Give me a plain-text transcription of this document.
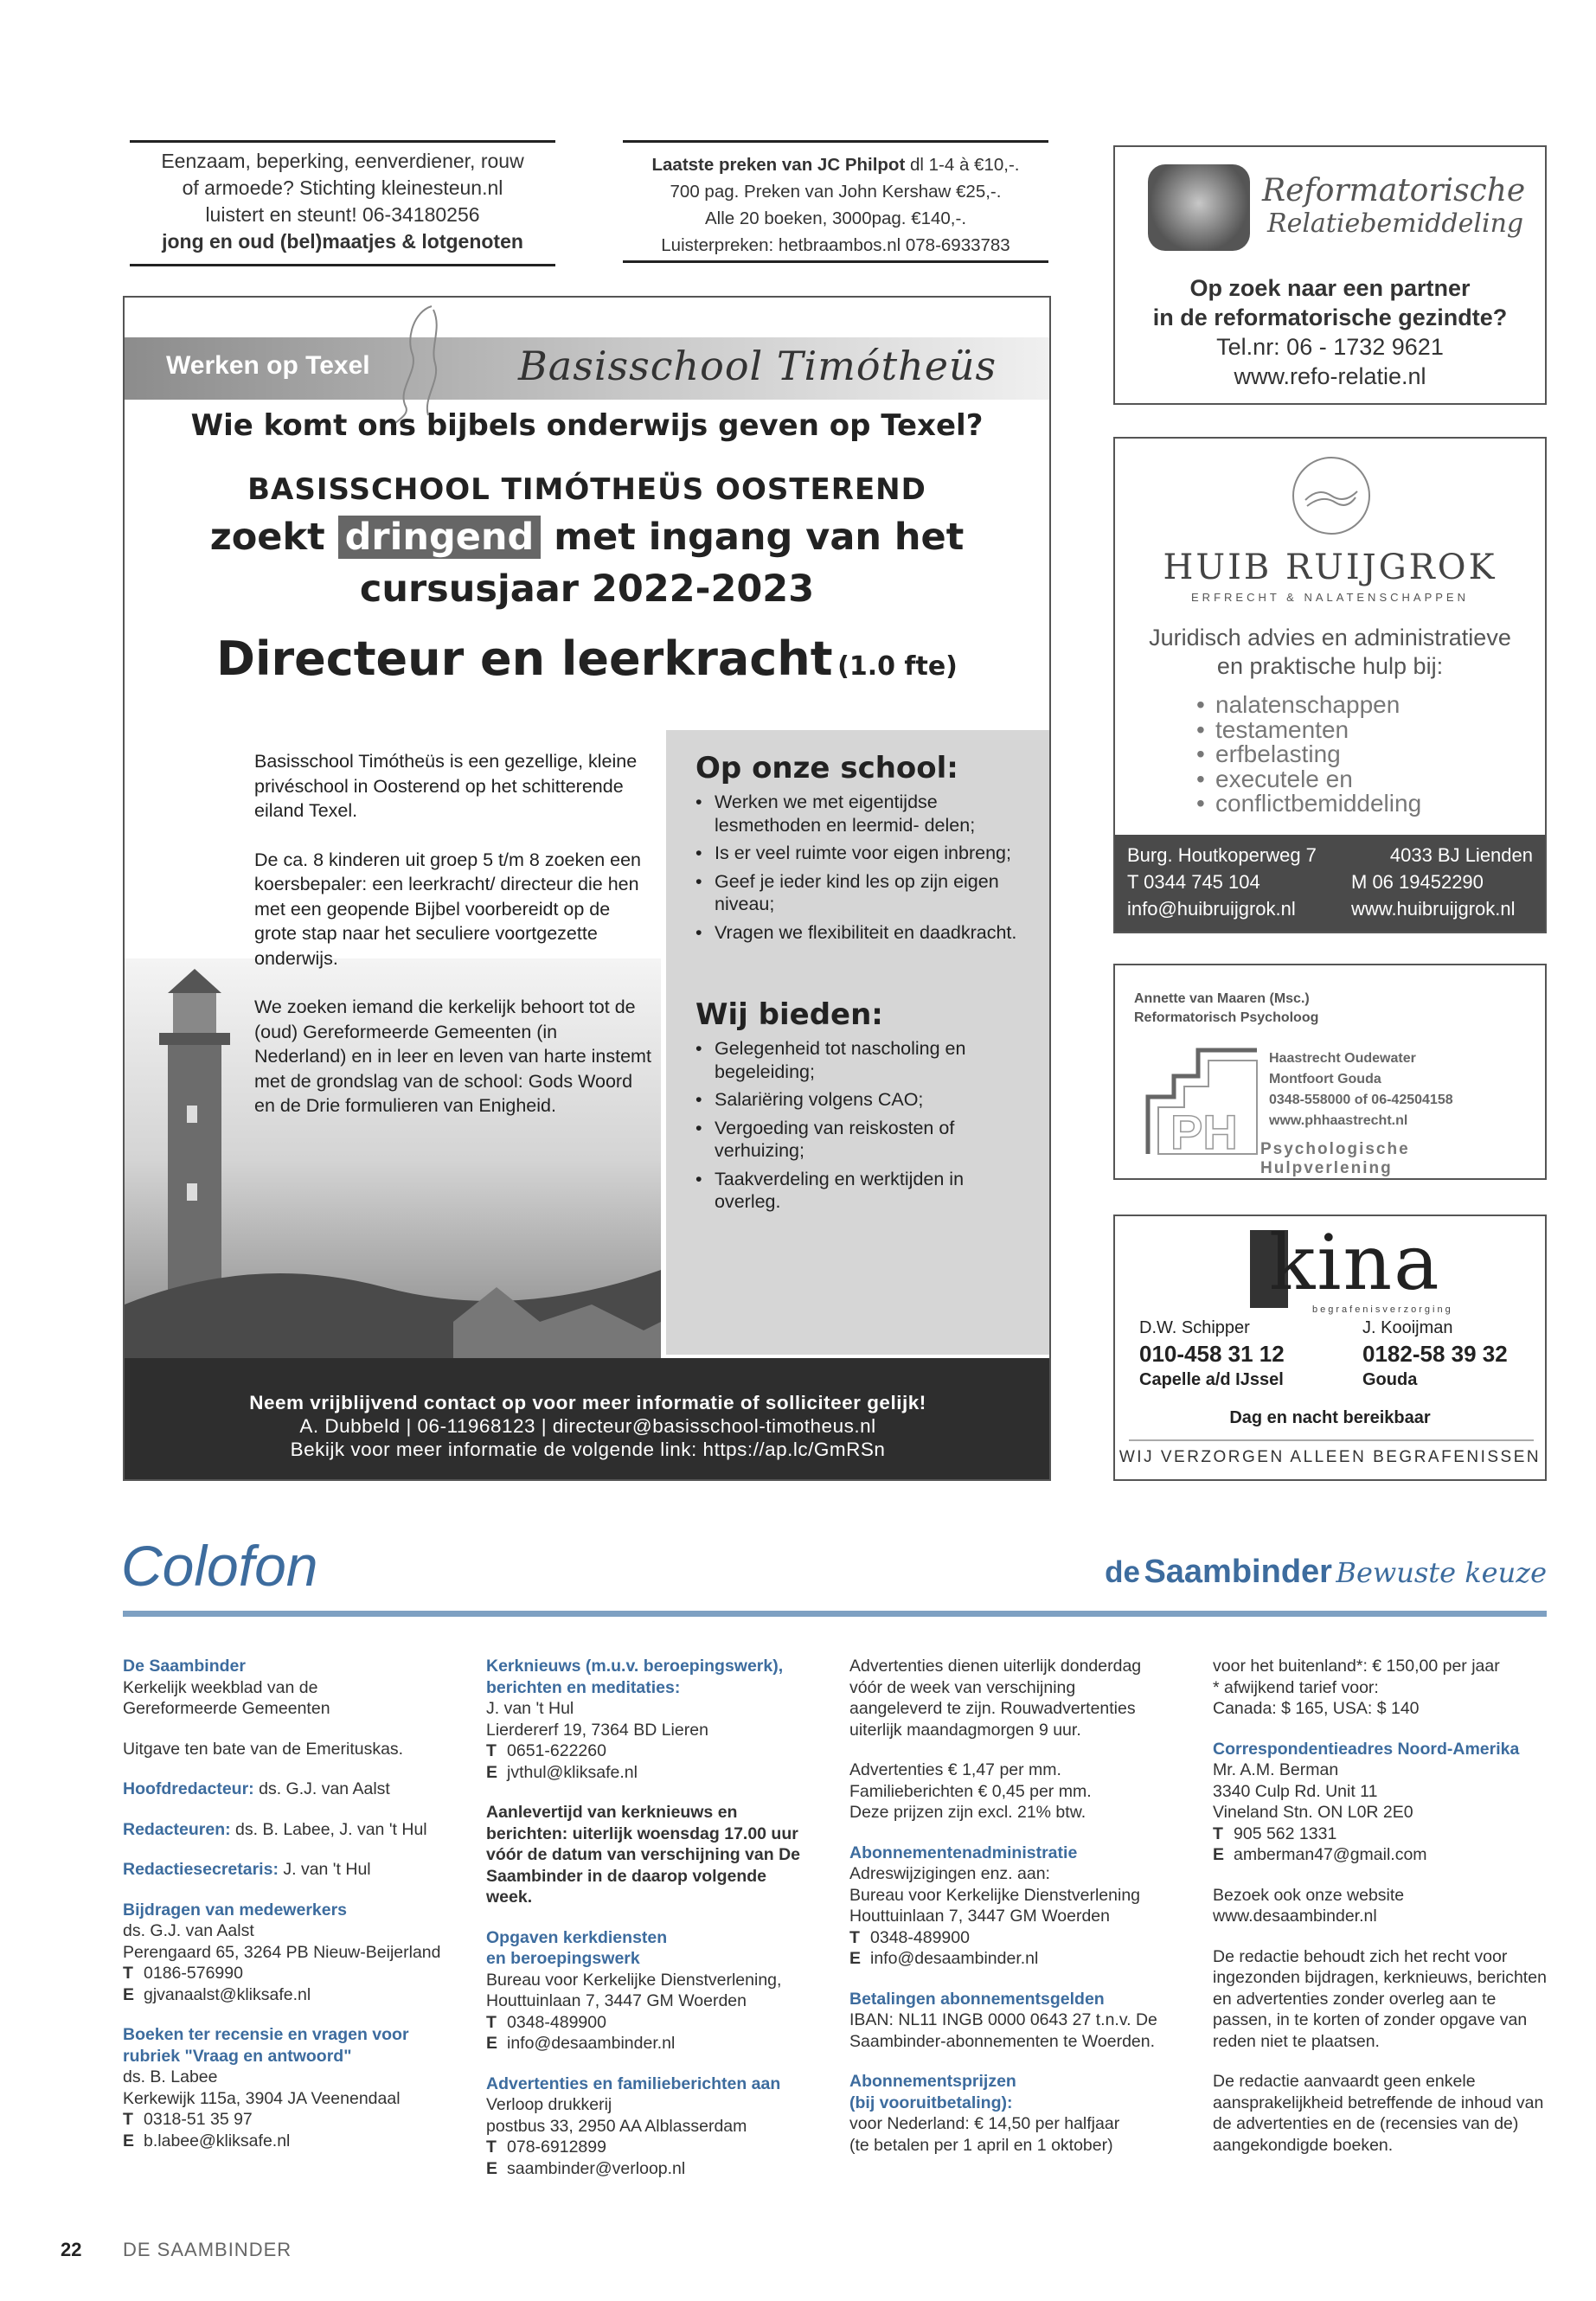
Eenzaam, beperking, eenverdiener, rouw
of armoede? Stichting kleinesteun.nl
luistert en steunt! 06-34180256
jong en oud (bel)maatjes & lotgenoten
Laatste preken van JC Philpot dl 1-4 à €10,-.
700 pag. Preken van John Kershaw €25,-.
Alle 20 boeken, 3000pag. €140,-.
Luisterpreken: hetbraambos.nl 078-6933783
Reformatorische
Relatiebemiddeling
Op zoek naar een partner
in de reformatorische gezindte?
Tel.nr: 06 - 1732 9621
www.refo-relatie.nl
HUIB RUIJGROK
ERFRECHT & NALATENSCHAPPEN
Juridisch advies en administratieve
en praktische hulp bij:
• nalatenschappen
• testamenten
• erfbelasting
• executele en
• conflictbemiddeling
Burg. Houtkoperweg 7	4033 BJ Lienden
T 0344 745 104	M 06 19452290
info@huibruijgrok.nl	www.huibruijgrok.nl
Annette van Maaren (Msc.)
Reformatorisch Psycholoog
PH
Haastrecht Oudewater
Montfoort Gouda
0348-558000 of 06-42504158
www.phhaastrecht.nl
Psychologische Hulpverlening
kina
begrafenisverzorging
D.W. Schipper
010-458 31 12
Capelle a/d IJssel
J. Kooijman
0182-58 39 32
Gouda
Dag en nacht bereikbaar
WIJ VERZORGEN ALLEEN BEGRAFENISSEN
Werken op Texel	Basisschool Timótheüs
Wie komt ons bijbels onderwijs geven op Texel?
BASISSCHOOL TIMÓTHEÜS OOSTEREND
zoekt dringend met ingang van het
cursusjaar 2022-2023
Directeur en leerkracht (1.0 fte)

Basisschool Timótheüs is een gezellige, kleine privéschool in Oosterend op het schitterende eiland Texel.

De ca. 8 kinderen uit groep 5 t/m 8 zoeken een koersbepaler: een leerkracht/ directeur die hen met een geopende Bijbel voorbereidt op de grote stap naar het seculiere voortgezette onderwijs.

We zoeken iemand die kerkelijk behoort tot de (oud) Gereformeerde Gemeenten (in Nederland) en in leer en leven van harte instemt met de grondslag van de school: Gods Woord en de Drie formulieren van Enigheid.

Op onze school:
• Werken we met eigentijdse lesmethoden en leermid- delen;
• Is er veel ruimte voor eigen inbreng;
• Geef je ieder kind les op zijn eigen niveau;
• Vragen we flexibiliteit en daadkracht.
Wij bieden:
• Gelegenheid tot nascholing en begeleiding;
• Salariëring volgens CAO;
• Vergoeding van reiskosten of verhuizing;
• Taakverdeling en werktijden in overleg.
Neem vrijblijvend contact op voor meer informatie of solliciteer gelijk!
A. Dubbeld | 06-11968123 | directeur@basisschool-timotheus.nl
Bekijk voor meer informatie de volgende link: https://ap.lc/GmRSn
Colofon	de Saambinder Bewuste keuze
De Saambinder
Kerkelijk weekblad van de

Gereformeerde Gemeenten

Uitgave ten bate van de Emerituskas.

Hoofdredacteur: ds. G.J. van Aalst

Redacteuren: ds. B. Labee, J. van 't Hul

Redactiesecretaris: J. van 't Hul

Bijdragen van medewerkers
ds. G.J. van Aalst
Perengaard 65, 3264 PB Nieuw-Beijerland
T 0186-576990

E gjvanaalst@kliksafe.nl

Boeken ter recensie en vragen voor
rubriek "Vraag en antwoord"
ds. B. Labee
Kerkewijk 115a, 3904 JA Veenendaal
T 0318-51 35 97
E b.labee@kliksafe.nl
Kerknieuws (m.u.v. beroepingswerk),
berichten en meditaties:
J. van 't Hul
Lierdererf 19, 7364 BD Lieren
T 0651-622260

E jvthul@kliksafe.nl

Aanlevertijd van kerknieuws en berichten: uiterlijk woensdag 17.00 uur vóór de datum van verschijning van De Saambinder in de daarop volgende week.

Opgaven kerkdiensten
en beroepingswerk
Bureau voor Kerkelijke Dienstverlening,
Houttuinlaan 7, 3447 GM Woerden
T 0348-489900

E info@desaambinder.nl

Advertenties en familieberichten aan
Verloop drukkerij
postbus 33, 2950 AA Alblasserdam
T 078-6912899
E saambinder@verloop.nl

Advertenties dienen uiterlijk donderdag vóór de week van verschijning aangeleverd te zijn. Rouwadvertenties uiterlijk maandagmorgen 9 uur.

Advertenties € 1,47 per mm.
Familieberichten € 0,45 per mm.

Deze prijzen zijn excl. 21% btw.

Abonnementenadministratie
Adreswijzigingen enz. aan:
Bureau voor Kerkelijke Dienstverlening
Houttuinlaan 7, 3447 GM Woerden
T 0348-489900

E info@desaambinder.nl

Betalingen abonnementsgelden

IBAN: NL11 INGB 0000 0643 27 t.n.v. De Saambinder-abonnementen te Woerden.

Abonnementsprijzen
(bij vooruitbetaling):
voor Nederland: € 14,50 per halfjaar
(te betalen per 1 april en 1 oktober)
voor het buitenland*: € 150,00 per jaar
* afwijkend tarief voor:

Canada: $ 165, USA: $ 140

Correspondentieadres Noord-Amerika
Mr. A.M. Berman
3340 Culp Rd. Unit 11
Vineland Stn. ON L0R 2E0
T 905 562 1331

E amberman47@gmail.com

Bezoek ook onze website

www.desaambinder.nl

De redactie behoudt zich het recht voor ingezonden bijdragen, kerknieuws, berichten en advertenties zonder overleg aan te passen, in te korten of zonder opgave van reden niet te plaatsen.

De redactie aanvaardt geen enkele aansprakelijkheid betreffende de inhoud van de advertenties en de (recensies van de) aangekondigde boeken.

22 DE SAAMBINDER
